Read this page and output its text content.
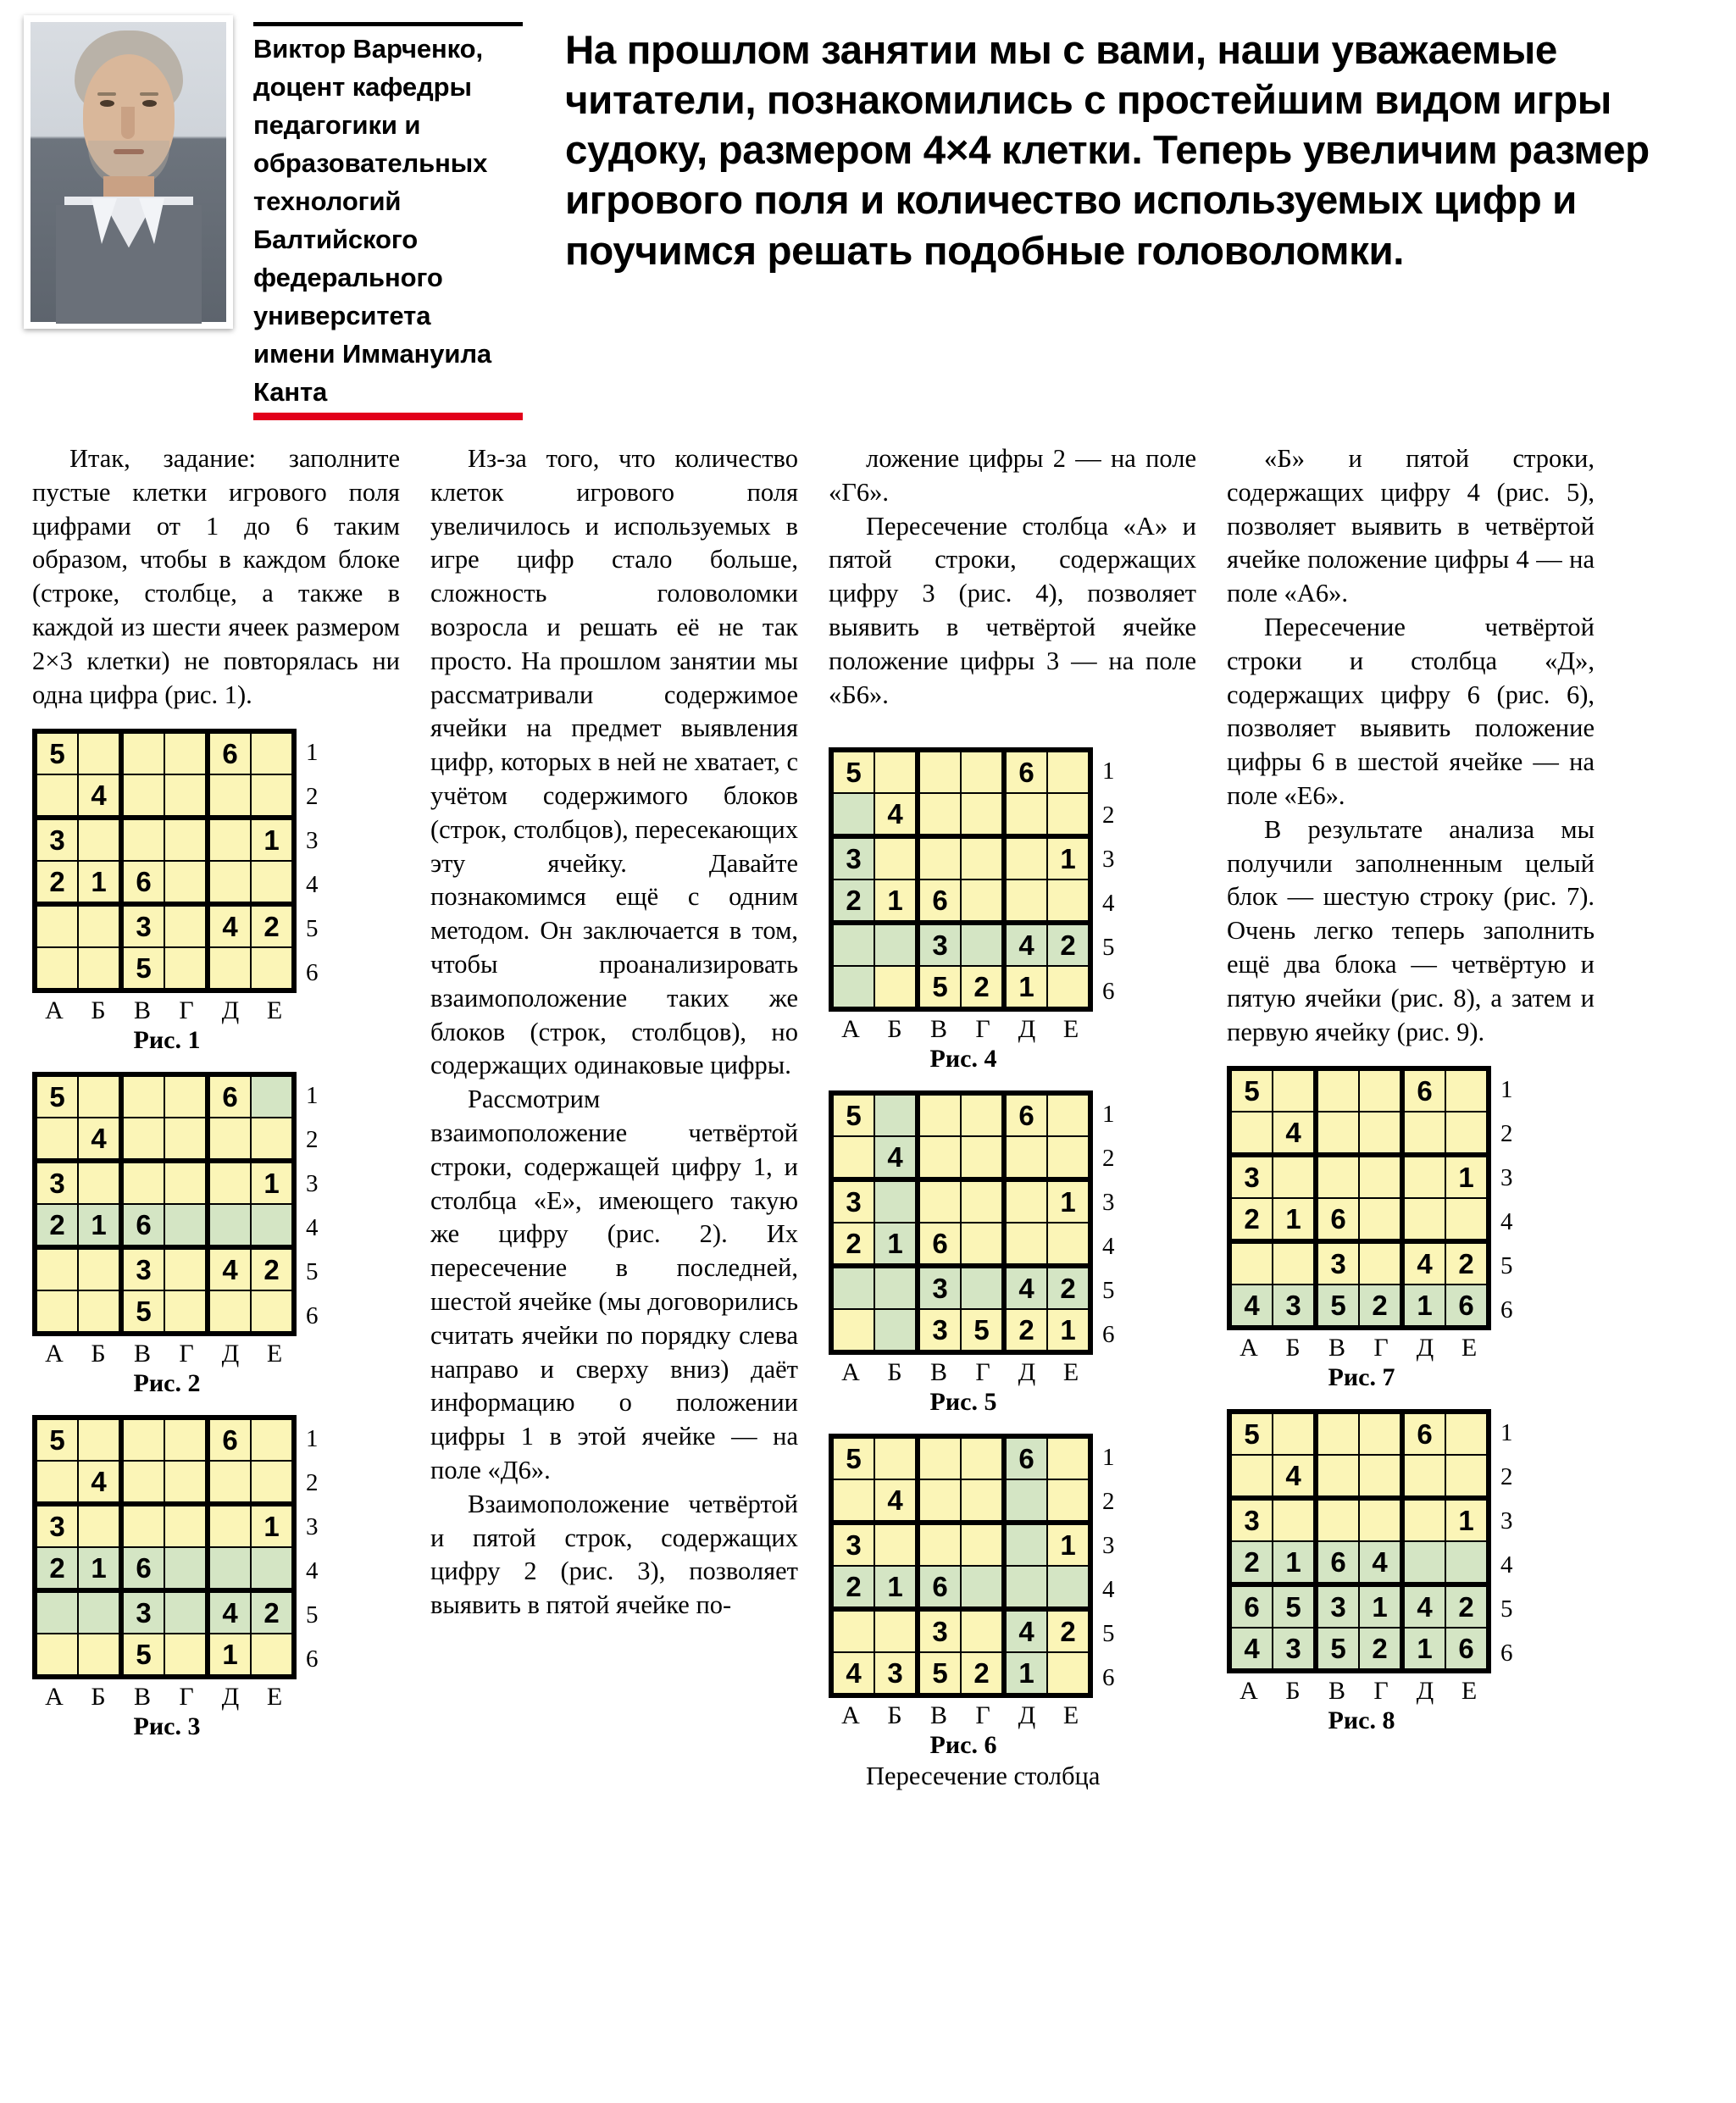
Виктор Варченко,

доцент кафедры

педагогики и

образовательных

технологий

Балтийского

федерального

университета

имени Иммануила

Канта

На прошлом занятии мы с вами, наши уважаемые читатели, познакомились с простейшим видом игры судоку, размером 4×4 клетки. Теперь увеличим размер игрового поля и количество используемых цифр и поучимся решать подобные головоломки.

Итак, задание: заполните пустые клетки игрового поля цифрами от 1 до 6 таким образом, чтобы в каждом блоке (строке, столбце, а также в каждой из шести ячеек размером 2×3 клетки) не повторялась ни одна цифра (рис. 1).

5				6	
	4				
3					1
2	1	6			
		3		4	2
		5			
1
2
3
4
5
6
А	Б	В	Г	Д	Е
Рис. 1
5				6	
	4				
3					1
2	1	6			
		3		4	2
		5			
1
2
3
4
5
6
А	Б	В	Г	Д	Е
Рис. 2
5				6	
	4				
3					1
2	1	6			
		3		4	2
		5		1	
1
2
3
4
5
6
А	Б	В	Г	Д	Е
Рис. 3

Из-за того, что количество клеток игрового поля увеличилось и используемых в игре цифр стало больше, сложность головоломки возросла и решать её не так просто. На прошлом занятии мы рассматривали содержимое ячейки на предмет выявления цифр, которых в ней не хватает, с учётом содержимого блоков (строк, столбцов), пересекающих эту ячейку. Давайте познакомимся ещё с одним методом. Он заключается в том, чтобы проанализировать взаимоположение таких же блоков (строк, столбцов), но содержащих одинаковые цифры.

Рассмотрим взаимоположение четвёртой строки, содержащей цифру 1, и столбца «Е», имеющего такую же цифру (рис. 2). Их пересечение в последней, шестой ячейке (мы договорились считать ячейки по порядку слева направо и сверху вниз) даёт информацию о положении цифры 1 в этой ячейке — на поле «Д6».

Взаимоположение четвёртой и пятой строк, содержащих цифру 2 (рис. 3), позволяет выявить в пятой ячейке по-

ложение цифры 2 — на поле «Г6».

Пересечение столбца «А» и пятой строки, содержащих цифру 3 (рис. 4), позволяет выявить в четвёртой ячейке положение цифры 3 — на поле «Б6».

5				6	
	4				
3					1
2	1	6			
		3		4	2
		5	2	1	
1
2
3
4
5
6
А	Б	В	Г	Д	Е
Рис. 4
5				6	
	4				
3					1
2	1	6			
		3		4	2
		3	5	2	1
1
2
3
4
5
6
А	Б	В	Г	Д	Е
Рис. 5
5				6	
	4				
3					1
2	1	6			
		3		4	2
4	3	5	2	1	
1
2
3
4
5
6
А	Б	В	Г	Д	Е
Рис. 6

Пересечение столбца

«Б» и пятой строки, содержащих цифру 4 (рис. 5), позволяет выявить в четвёртой ячейке положение цифры 4 — на поле «А6».

Пересечение четвёртой строки и столбца «Д», содержащих цифру 6 (рис. 6), позволяет выявить положение цифры 6 в шестой ячейке — на поле «Е6».

В результате анализа мы получили заполненным целый блок — шестую строку (рис. 7). Очень легко теперь заполнить ещё два блока — четвёртую и пятую ячейки (рис. 8), а затем и первую ячейку (рис. 9).

5				6	
	4				
3					1
2	1	6			
		3		4	2
4	3	5	2	1	6
1
2
3
4
5
6
А	Б	В	Г	Д	Е
Рис. 7
5				6	
	4				
3					1
2	1	6	4		
6	5	3	1	4	2
4	3	5	2	1	6
1
2
3
4
5
6
А	Б	В	Г	Д	Е
Рис. 8
